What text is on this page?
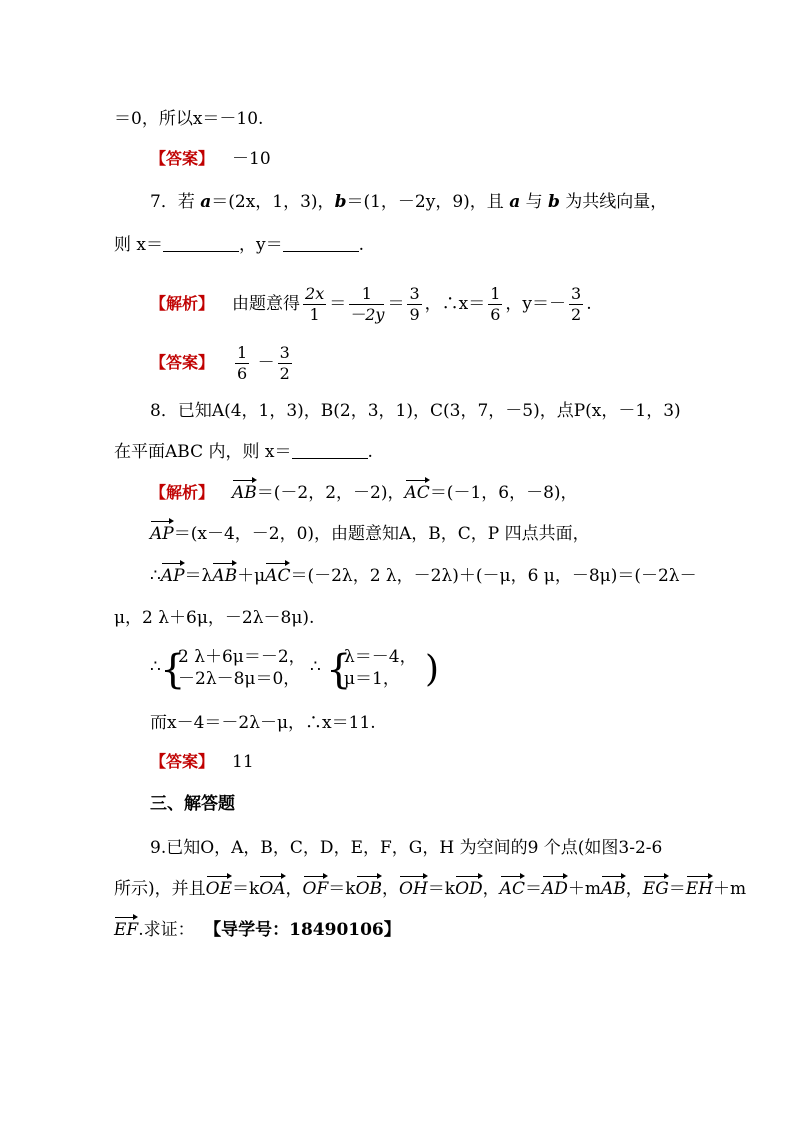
＝0，所以x＝－10.
【答案】 －10
7．若 a＝(2x，1，3)，b＝(1，－2y，9)，且 a 与 b 为共线向量，
则 x＝	，y＝	.
【解析】 由题意得 $\frac{2x}{1} = \frac{1}{-2y} = \frac{3}{9}$ ，∴x＝ $\frac{1}{6}$ ，$y=- \frac{3}{2}$ .
【答案】 $\frac{1}{6} - \frac{3}{2}$
8．已知A(4，1，3)，B(2，3，1)，C(3，7，－5)，点P(x，－1，3)
在平面ABC 内，则 x＝	.
【解析】 AB＝(－2，2，－2)，AC＝(－1，6，－8)，
AP＝(x－4，－2，0)，由题意知A，B，C，P 四点共面，
∴AP＝λAB＋μAC＝(－2λ，2 λ，－2λ)＋(－μ，6 μ，－8μ)＝(－2λ－
μ，2 λ＋6μ，－2λ－8μ).
∴ {
2 λ＋6μ＝－2，
－2λ－8μ＝0，
∴ {
λ＝－4，
μ＝1， )
而x－4＝－2λ－μ，∴x＝11.
【答案】 11
三、解答题
9.已知O，A，B，C，D，E，F，G，H 为空间的9 个点(如图3-2-6
所示)，并且OE＝kOA，OF＝kOB，OH＝kOD，AC＝AD＋mAB，EG＝EH＋m
EF.求证： 【导学号：18490106】
